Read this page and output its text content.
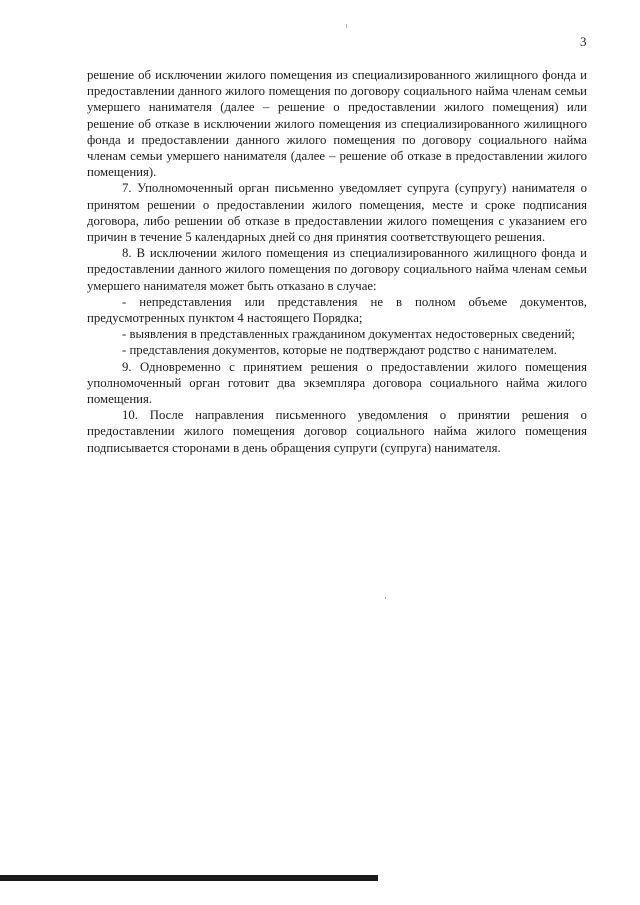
3

решение об исключении жилого помещения из специализированного жилищного фонда и предоставлении данного жилого помещения по договору социального найма членам семьи умершего нанимателя (далее – решение о предоставлении жилого помещения) или решение об отказе в исключении жилого помещения из специализированного жилищного фонда и предоставлении данного жилого помещения по договору социального найма членам семьи умершего нанимателя (далее – решение об отказе в предоставлении жилого помещения).

7. Уполномоченный орган письменно уведомляет супруга (супругу) нанимателя о принятом решении о предоставлении жилого помещения, месте и сроке подписания договора, либо решении об отказе в предоставлении жилого помещения с указанием его причин в течение 5 календарных дней со дня принятия соответствующего решения.

8. В исключении жилого помещения из специализированного жилищного фонда и предоставлении данного жилого помещения по договору социального найма членам семьи умершего нанимателя может быть отказано в случае:

- непредставления или представления не в полном объеме документов, предусмотренных пунктом 4 настоящего Порядка;

- выявления в представленных гражданином документах недостоверных сведений;

- представления документов, которые не подтверждают родство с нанимателем.

9. Одновременно с принятием решения о предоставлении жилого помещения уполномоченный орган готовит два экземпляра договора социального найма жилого помещения.

10. После направления письменного уведомления о принятии решения о предоставлении жилого помещения договор социального найма жилого помещения подписывается сторонами в день обращения супруги (супруга) нанимателя.
